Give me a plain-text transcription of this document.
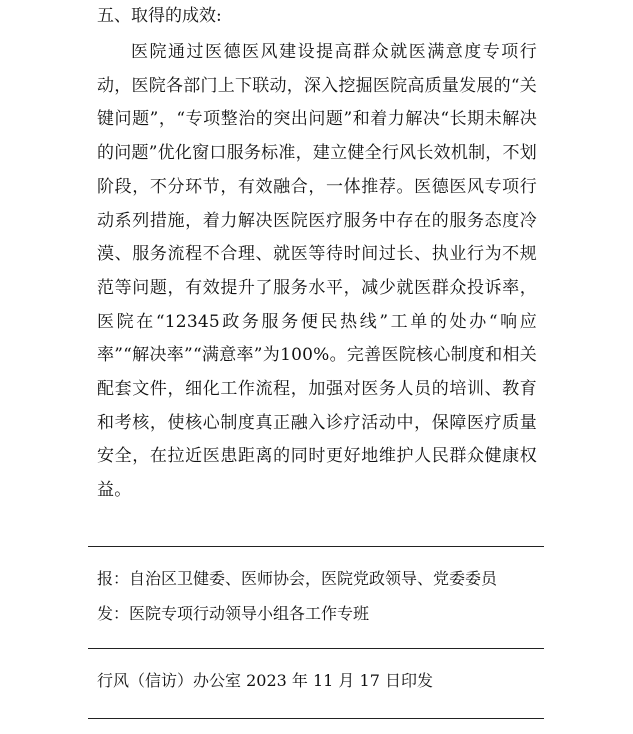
五、取得的成效:

医院通过医德医风建设提高群众就医满意度专项行动，医院各部门上下联动，深入挖掘医院高质量发展的“关键问题”，“专项整治的突出问题”和着力解决“长期未解决的问题”优化窗口服务标准，建立健全行风长效机制，不划阶段，不分环节，有效融合，一体推荐。医德医风专项行动系列措施，着力解决医院医疗服务中存在的服务态度冷漠、服务流程不合理、就医等待时间过长、执业行为不规范等问题，有效提升了服务水平，减少就医群众投诉率，医院在“12345政务服务便民热线”工单的处办“响应率”“解决率”“满意率”为100%。完善医院核心制度和相关配套文件，细化工作流程，加强对医务人员的培训、教育和考核，使核心制度真正融入诊疗活动中，保障医疗质量安全，在拉近医患距离的同时更好地维护人民群众健康权益。

报：自治区卫健委、医师协会，医院党政领导、党委委员

发：医院专项行动领导小组各工作专班

行风（信访）办公室 2023 年 11 月 17 日印发
